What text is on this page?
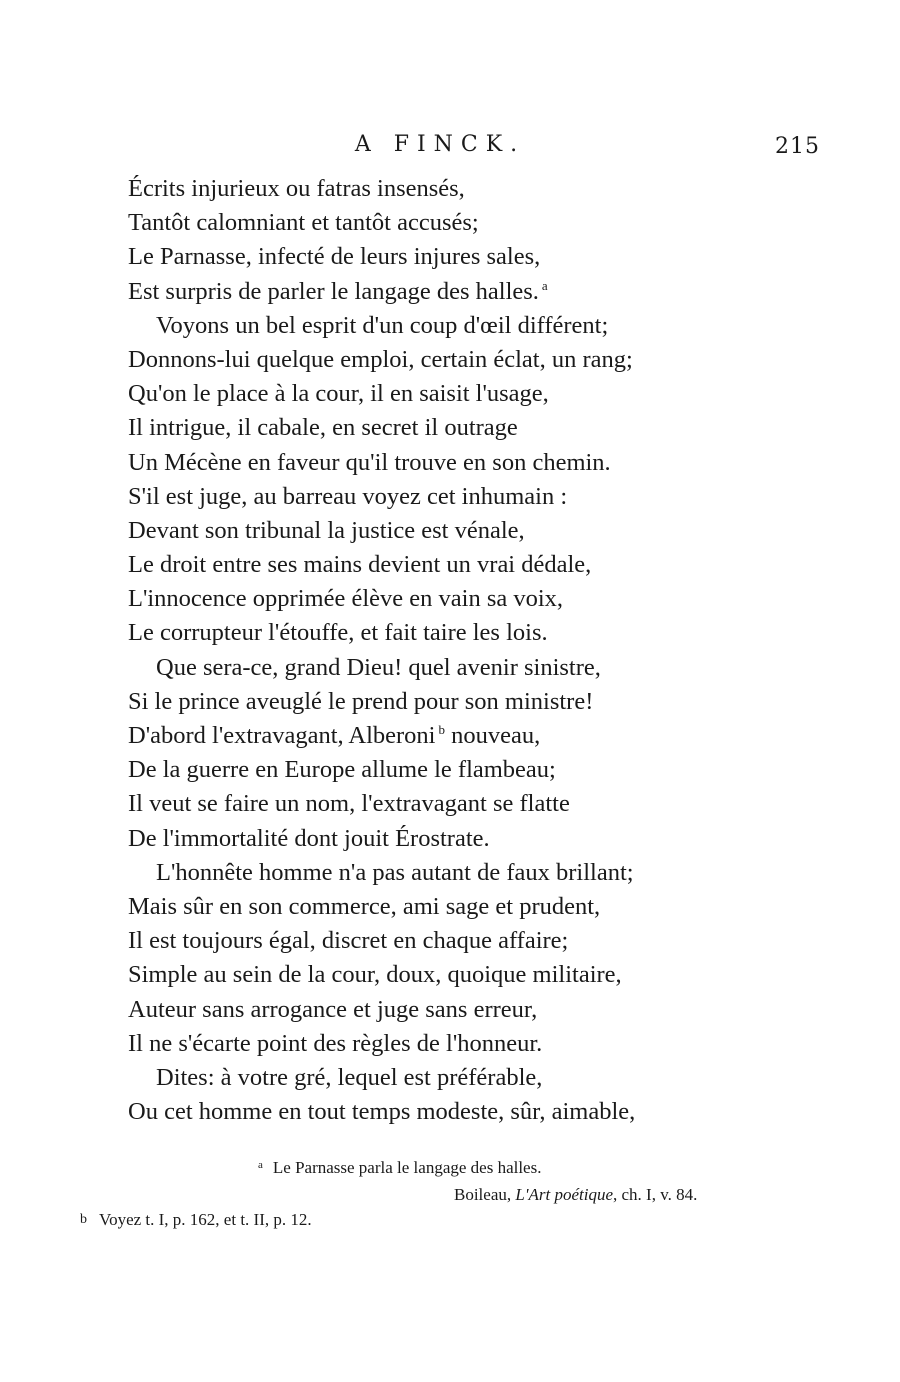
A FINCK.	215
Écrits injurieux ou fatras insensés,
Tantôt calomniant et tantôt accusés;
Le Parnasse, infecté de leurs injures sales,
Est surpris de parler le langage des halles. $^a$
Voyons un bel esprit d'un coup d'œil différent;
Donnons-lui quelque emploi, certain éclat, un rang;
Qu'on le place à la cour, il en saisit l'usage,
Il intrigue, il cabale, en secret il outrage
Un Mécène en faveur qu'il trouve en son chemin.
S'il est juge, au barreau voyez cet inhumain :
Devant son tribunal la justice est vénale,
Le droit entre ses mains devient un vrai dédale,
L'innocence opprimée élève en vain sa voix,
Le corrupteur l'étouffe, et fait taire les lois.
Que sera-ce, grand Dieu! quel avenir sinistre,
Si le prince aveuglé le prend pour son ministre!
D'abord l'extravagant, Alberoni $^b$ nouveau,
De la guerre en Europe allume le flambeau;
Il veut se faire un nom, l'extravagant se flatte
De l'immortalité dont jouit Érostrate.
L'honnête homme n'a pas autant de faux brillant;
Mais sûr en son commerce, ami sage et prudent,
Il est toujours égal, discret en chaque affaire;
Simple au sein de la cour, doux, quoique militaire,
Auteur sans arrogance et juge sans erreur,
Il ne s'écarte point des règles de l'honneur.
Dites: à votre gré, lequel est préférable,
Ou cet homme en tout temps modeste, sûr, aimable,
$^a$ Le Parnasse parla le langage des halles.
Boileau, L'Art poétique, ch. I, v. 84.
b Voyez t. I, p. 162, et t. II, p. 12.
